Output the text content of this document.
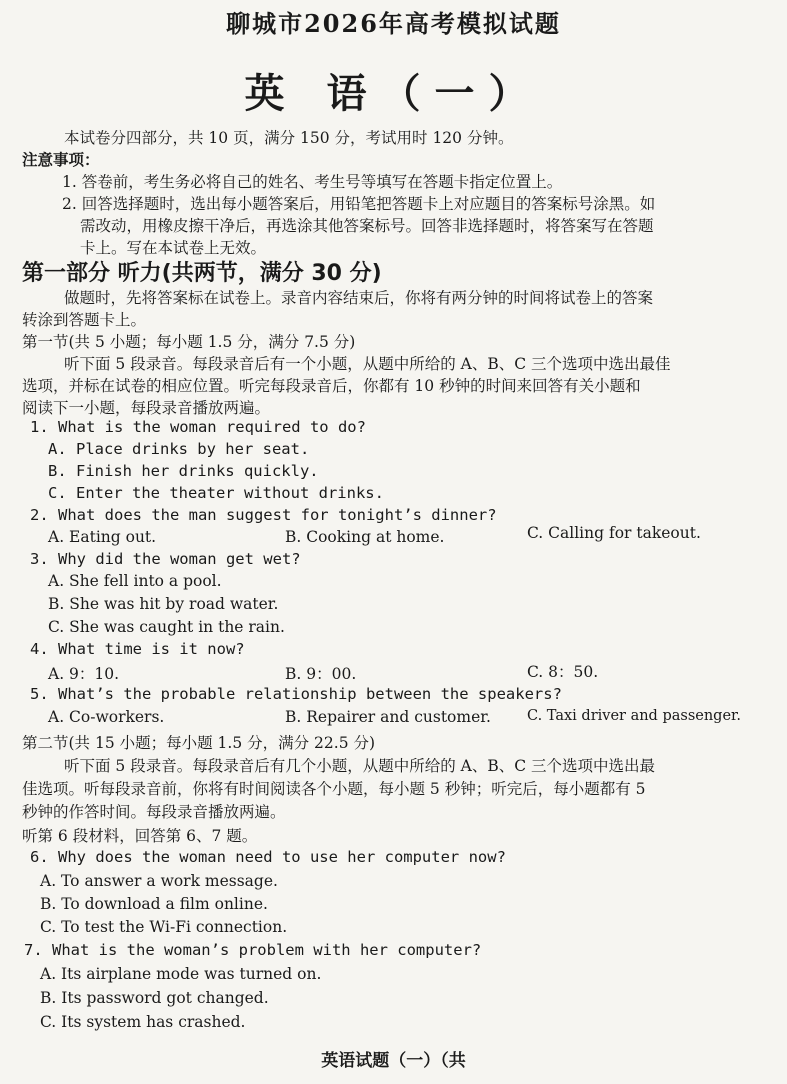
聊城市2026年高考模拟试题
英 语（一）
本试卷分四部分，共 10 页，满分 150 分，考试用时 120 分钟。
注意事项：
1. 答卷前，考生务必将自己的姓名、考生号等填写在答题卡指定位置上。
2. 回答选择题时，选出每小题答案后，用铅笔把答题卡上对应题目的答案标号涂黑。如
需改动，用橡皮擦干净后，再选涂其他答案标号。回答非选择题时，将答案写在答题
卡上。写在本试卷上无效。
第一部分 听力(共两节，满分 30 分)
做题时，先将答案标在试卷上。录音内容结束后，你将有两分钟的时间将试卷上的答案
转涂到答题卡上。
第一节(共 5 小题；每小题 1.5 分，满分 7.5 分)
听下面 5 段录音。每段录音后有一个小题，从题中所给的 A、B、C 三个选项中选出最佳
选项，并标在试卷的相应位置。听完每段录音后，你都有 10 秒钟的时间来回答有关小题和
阅读下一小题，每段录音播放两遍。
1. What is the woman required to do?
A. Place drinks by her seat.
B. Finish her drinks quickly.
C. Enter the theater without drinks.
2. What does the man suggest for tonight’s dinner?
A. Eating out.	B. Cooking at home.	C. Calling for takeout.
3. Why did the woman get wet?
A. She fell into a pool.
B. She was hit by road water.
C. She was caught in the rain.
4. What time is it now?
A. 9：10.	B. 9：00.	C. 8：50.
5. What’s the probable relationship between the speakers?
A. Co-workers.	B. Repairer and customer. C. Taxi driver and passenger.
第二节(共 15 小题；每小题 1.5 分，满分 22.5 分)
听下面 5 段录音。每段录音后有几个小题，从题中所给的 A、B、C 三个选项中选出最
佳选项。听每段录音前，你将有时间阅读各个小题，每小题 5 秒钟；听完后，每小题都有 5
秒钟的作答时间。每段录音播放两遍。
听第 6 段材料，回答第 6、7 题。
6. Why does the woman need to use her computer now?
A. To answer a work message.
B. To download a film online.
C. To test the Wi-Fi connection.
7. What is the woman’s problem with her computer?
A. Its airplane mode was turned on.
B. Its password got changed.
C. Its system has crashed.
英语试题（一）（共
